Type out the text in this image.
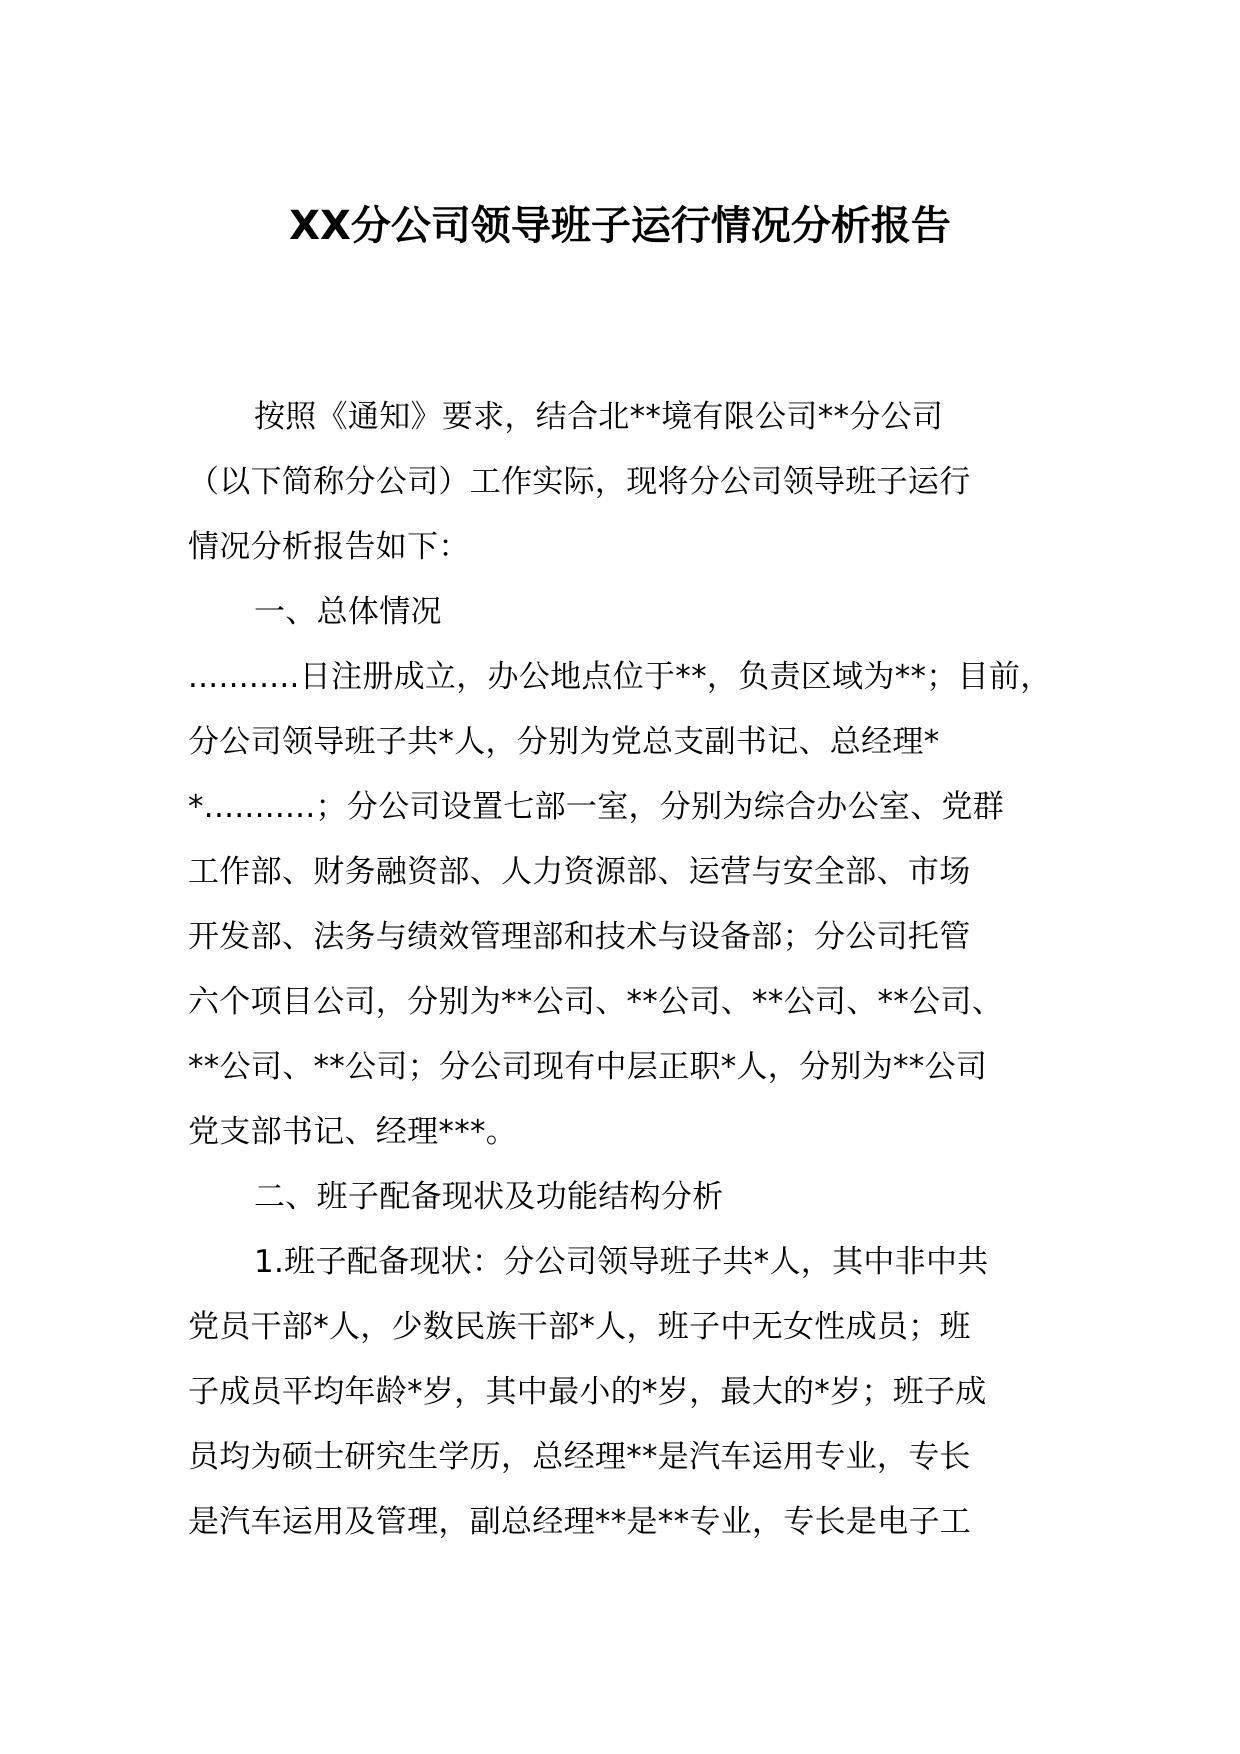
XX分公司领导班子运行情况分析报告
按照《通知》要求，结合北**境有限公司**分公司
（以下简称分公司）工作实际，现将分公司领导班子运行
情况分析报告如下：
一、总体情况
...........日注册成立，办公地点位于**，负责区域为**；目前，
分公司领导班子共*人，分别为党总支副书记、总经理*
*...........；分公司设置七部一室，分别为综合办公室、党群
工作部、财务融资部、人力资源部、运营与安全部、市场
开发部、法务与绩效管理部和技术与设备部；分公司托管
六个项目公司，分别为**公司、**公司、**公司、**公司、
**公司、**公司；分公司现有中层正职*人，分别为**公司
党支部书记、经理***。
二、班子配备现状及功能结构分析
1.班子配备现状：分公司领导班子共*人，其中非中共
党员干部*人，少数民族干部*人，班子中无女性成员；班
子成员平均年龄*岁，其中最小的*岁，最大的*岁；班子成
员均为硕士研究生学历，总经理**是汽车运用专业，专长
是汽车运用及管理，副总经理**是**专业，专长是电子工
